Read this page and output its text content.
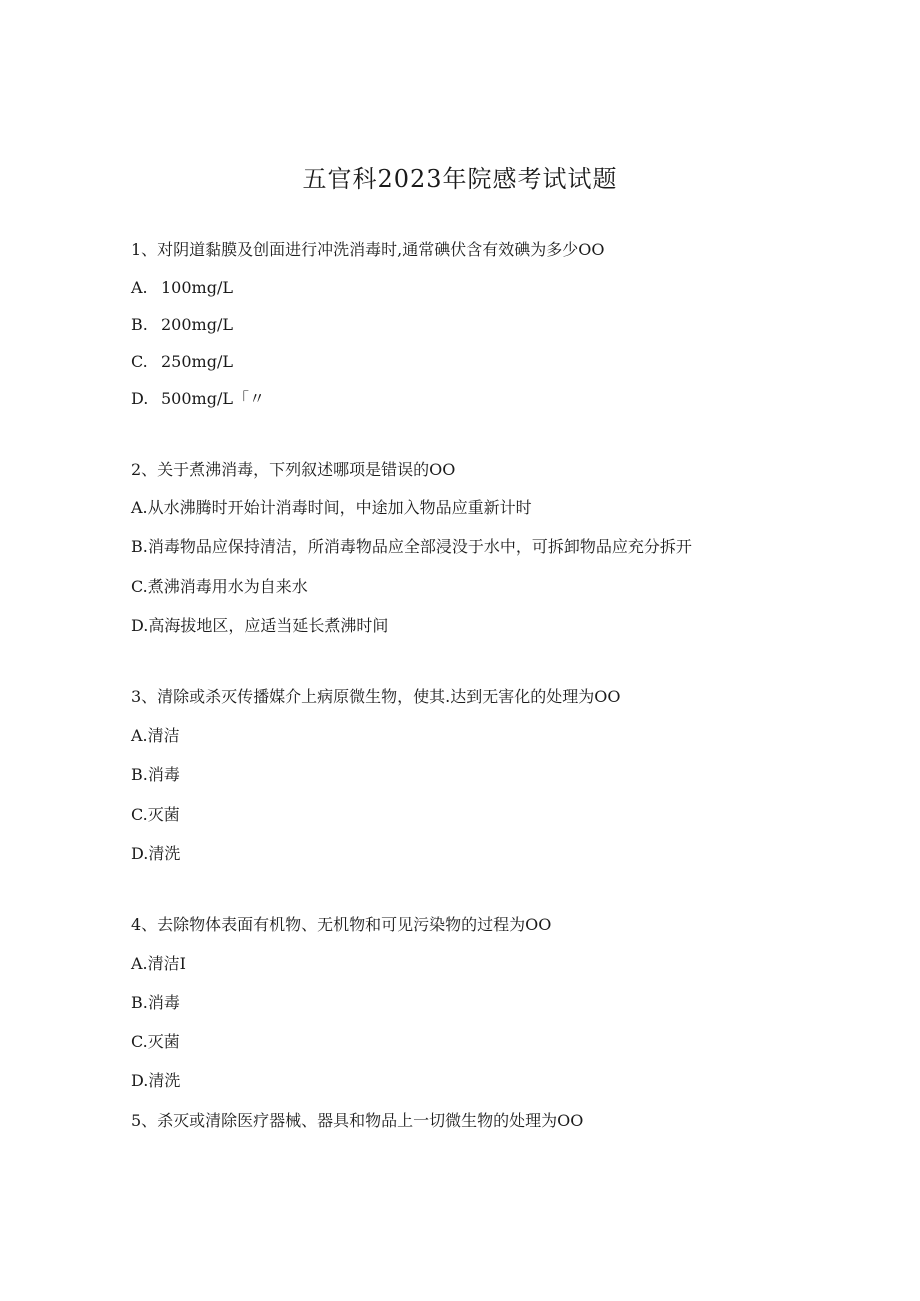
五官科2023年院感考试试题
1、对阴道黏膜及创面进行冲洗消毒时,通常碘伏含有效碘为多少OO
A. 100mg∕L
B. 200mg∕L
C. 250mg∕L
D. 500mg∕L「〃
2、关于煮沸消毒，下列叙述哪项是错误的OO
A.从水沸腾时开始计消毒时间，中途加入物品应重新计时
B.消毒物品应保持清洁，所消毒物品应全部浸没于水中，可拆卸物品应充分拆开
C.煮沸消毒用水为自来水
D.高海拔地区，应适当延长煮沸时间
3、清除或杀灭传播媒介上病原微生物，使其.达到无害化的处理为OO
A.清洁
B.消毒
C.灭菌
D.清洗
4、去除物体表面有机物、无机物和可见污染物的过程为OO
A.清洁I
B.消毒
C.灭菌
D.清洗
5、杀灭或清除医疗器械、器具和物品上一切微生物的处理为OO
